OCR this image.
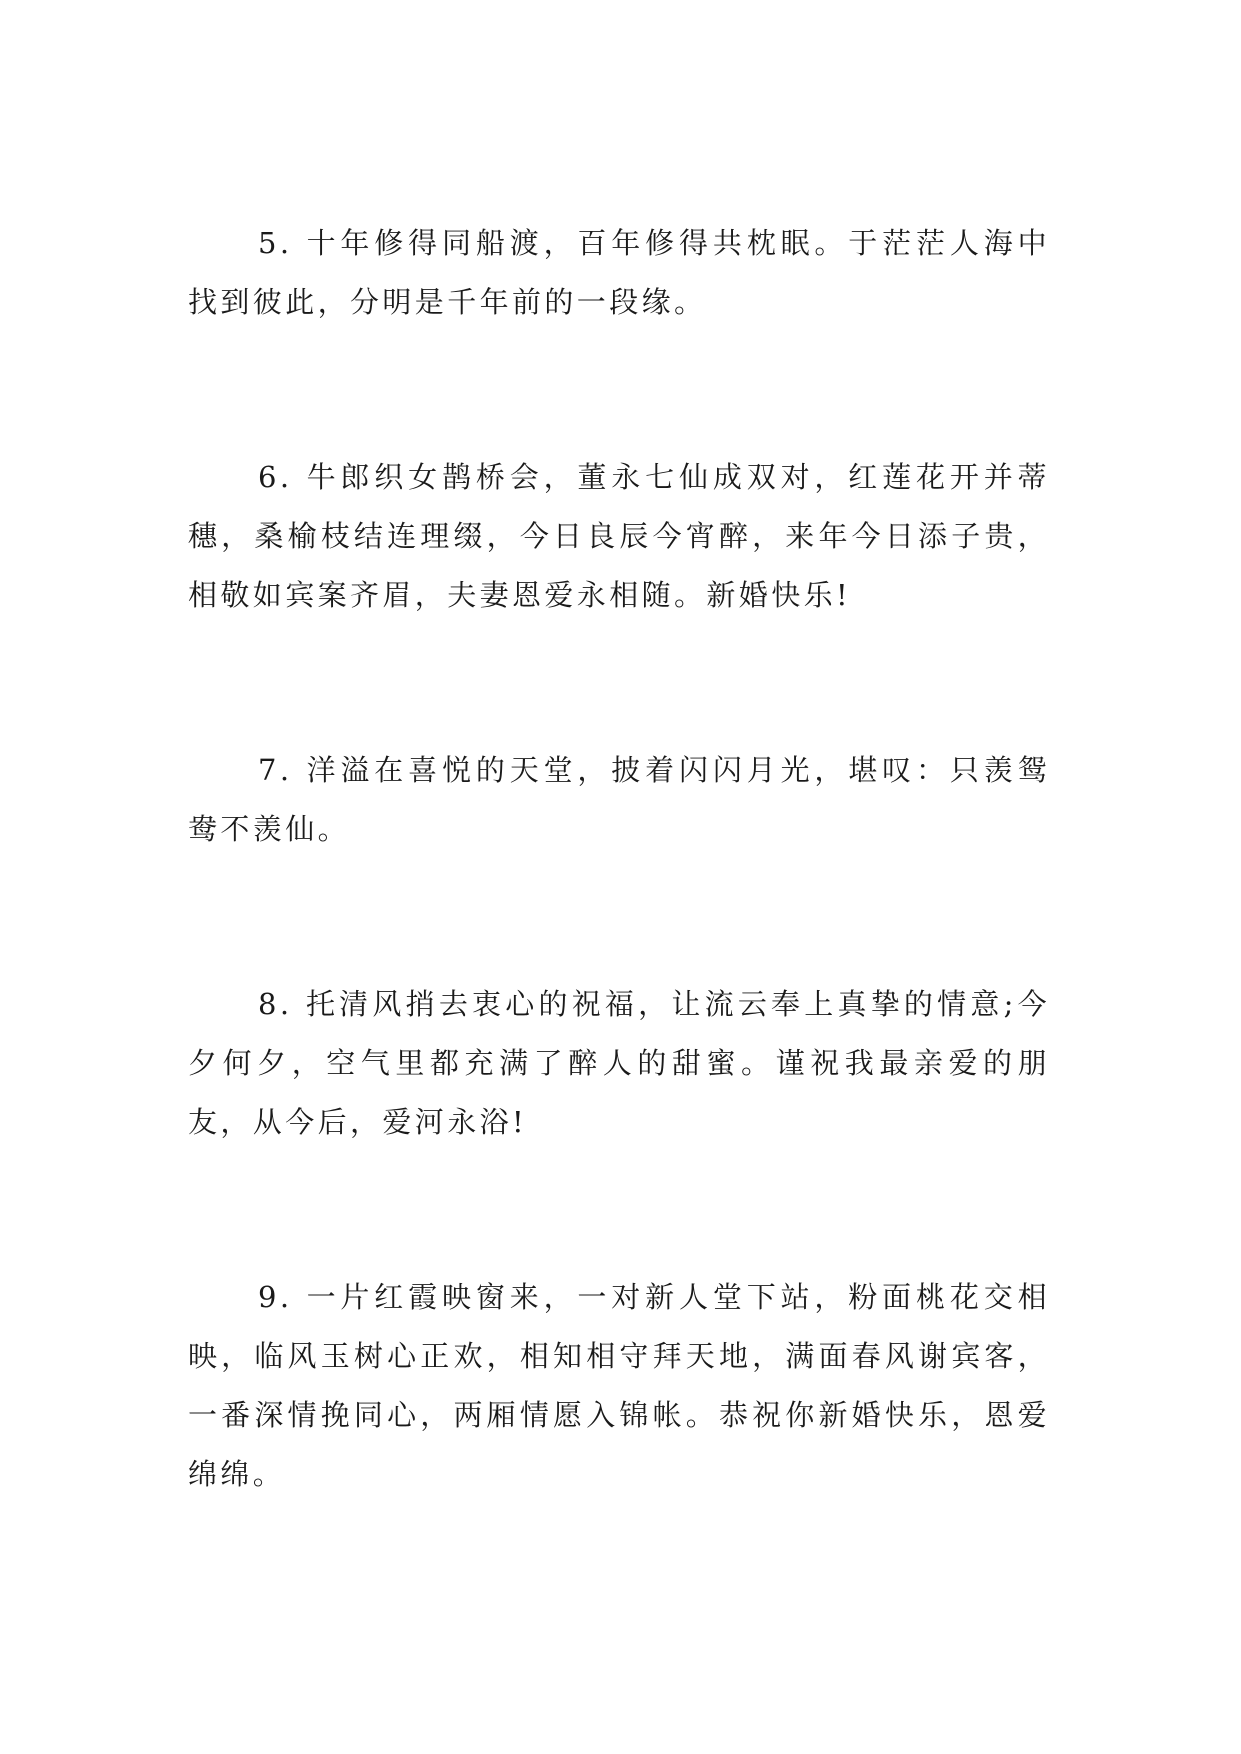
5. 十年修得同船渡，百年修得共枕眠。于茫茫人海中找到彼此，分明是千年前的一段缘。

6. 牛郎织女鹊桥会，董永七仙成双对，红莲花开并蒂穗，桑榆枝结连理缀，今日良辰今宵醉，来年今日添子贵，相敬如宾案齐眉，夫妻恩爱永相随。新婚快乐!

7. 洋溢在喜悦的天堂，披着闪闪月光，堪叹：只羡鸳鸯不羡仙。

8. 托清风捎去衷心的祝福，让流云奉上真挚的情意;今夕何夕，空气里都充满了醉人的甜蜜。谨祝我最亲爱的朋友，从今后，爱河永浴!

9. 一片红霞映窗来，一对新人堂下站，粉面桃花交相映，临风玉树心正欢，相知相守拜天地，满面春风谢宾客，一番深情挽同心，两厢情愿入锦帐。恭祝你新婚快乐，恩爱绵绵。
